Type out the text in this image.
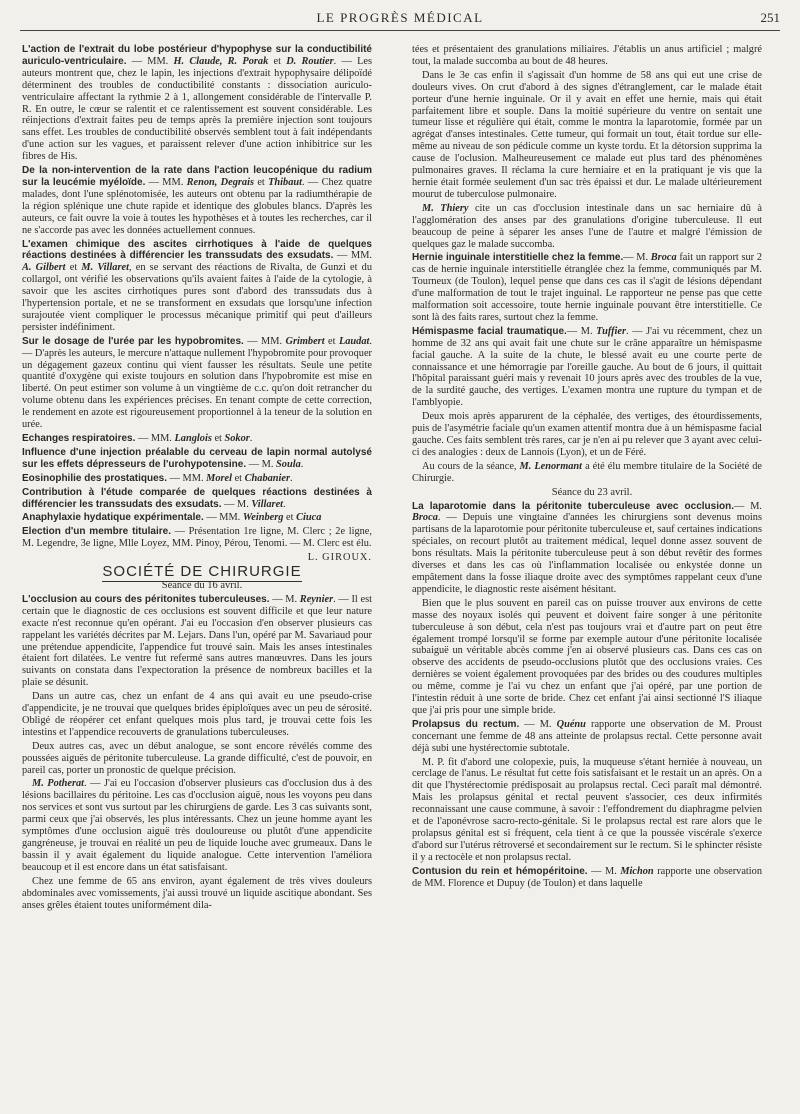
LE PROGRÈS MÉDICAL	251

L'action de l'extrait du lobe postérieur d'hypophyse sur la conductibilité auriculo-ventriculaire. — MM. H. Claude, R. Porak et D. Routier. — Les auteurs montrent que, chez le lapin, les injections d'extrait hypophysaire délipoïdé déterminent des troubles de conductibilité constants : dissociation auriculo-ventriculaire affectant la rythmie 2 à 1, allongement considérable de l'intervalle P. R. En outre, le cœur se ralentit et ce ralentissement est souvent considérable. Les réinjections d'extrait faites peu de temps après la première injection sont toujours sans effet. Les troubles de conductibilité observés semblent tout à fait indépendants d'une action sur les vagues, et paraissent relever d'une action inhibitrice sur les fibres de His.

De la non-intervention de la rate dans l'action leucopénique du radium sur la leucémie myéloïde. — MM. Renon, Degrais et Thibaut. — Chez quatre malades, dont l'une splénotomisée, les auteurs ont obtenu par la radiumthérapie de la région splénique une chute rapide et identique des globules blancs. D'après les auteurs, ce fait ouvre la voie à toutes les hypothèses et à toutes les recherches, car il ne s'accorde pas avec les données actuellement connues.

L'examen chimique des ascites cirrhotiques à l'aide de quelques réactions destinées à différencier les transsudats des exsudats. — MM. A. Gilbert et M. Villaret, en se servant des réactions de Rivalta, de Gunzi et du collargol, ont vérifié les observations qu'ils avaient faites à l'aide de la cytologie, à savoir que les ascites cirrhotiques pures sont d'abord des transsudats dus à l'hypertension portale, et ne se transforment en exsudats que lorsqu'une infection surajoutée vient compliquer le processus mécanique primitif qui peut d'ailleurs persister indéfiniment.

Sur le dosage de l'urée par les hypobromites. — MM. Grimbert et Laudat. — D'après les auteurs, le mercure n'attaque nullement l'hypobromite pour provoquer un dégagement gazeux continu qui vient fausser les résultats. Seule une petite quantité d'oxygène qui existe toujours en solution dans l'hypobromite est mise en liberté. On peut estimer son volume à un vingtième de c.c. qu'on doit retrancher du volume obtenu dans les expériences précises. En tenant compte de cette correction, le rendement en azote est rigoureusement proportionnel à la teneur de la solution en urée.

Echanges respiratoires. — MM. Langlois et Sokor.

Influence d'une injection préalable du cerveau de lapin normal autolysé sur les effets dépresseurs de l'urohypotensine. — M. Soula.

Eosinophilie des prostatiques. — MM. Morel et Chabanier.

Contribution à l'étude comparée de quelques réactions destinées à différencier les transsudats des exsudats. — M. Villaret.

Anaphylaxie hydatique expérimentale. — MM. Weinberg et Ciuca

Election d'un membre titulaire. — Présentation 1re ligne, M. Clerc ; 2e ligne, M. Legendre, 3e ligne, Mlle Loyez, MM. Pinoy, Pérou, Tenomi. — M. Clerc est élu.

L. GIROUX.

SOCIÉTÉ DE CHIRURGIE

Séance du 16 avril.

L'occlusion au cours des péritonites tuberculeuses. — M. Reynier. — Il est certain que le diagnostic de ces occlusions est souvent difficile et que leur nature exacte n'est reconnue qu'en opérant. J'ai eu l'occasion d'en observer plusieurs cas rappelant les variétés décrites par M. Lejars. Dans l'un, opéré par M. Savariaud pour une prétendue appendicite, l'appendice fut trouvé sain. Mais les anses intestinales étaient fort dilatées. Le ventre fut refermé sans autres manœuvres. Dans les jours suivants on constata dans l'expectoration la présence de nombreux bacilles et la plaie se désunit.

Dans un autre cas, chez un enfant de 4 ans qui avait eu une pseudo-crise d'appendicite, je ne trouvai que quelques brides épiploïques avec un peu de sérosité. Obligé de réopérer cet enfant quelques mois plus tard, je trouvai cette fois les intestins et l'appendice recouverts de granulations tuberculeuses.

Deux autres cas, avec un début analogue, se sont encore révélés comme des poussées aiguës de péritonite tuberculeuse. La grande difficulté, c'est de pouvoir, en pareil cas, porter un pronostic de quelque précision.

M. Potherat. — J'ai eu l'occasion d'observer plusieurs cas d'occlusion dus à des lésions bacillaires du péritoine. Les cas d'occlusion aiguë, nous les voyons peu dans nos services et sont vus surtout par les chirurgiens de garde. Les 3 cas suivants sont, parmi ceux que j'ai observés, les plus intéressants. Chez un jeune homme ayant les symptômes d'une occlusion aiguë très douloureuse ou plutôt d'une appendicite gangréneuse, je trouvai en réalité un peu de liquide louche avec grumeaux. Dans le bassin il y avait également du liquide analogue. Cette intervention l'améliora beaucoup et il est encore dans un état satisfaisant.

Chez une femme de 65 ans environ, ayant également de très vives douleurs abdominales avec vomissements, j'ai aussi trouvé un liquide ascitique abondant. Ses anses grêles étaient toutes uniformément dila-

tées et présentaient des granulations miliaires. J'établis un anus artificiel ; malgré tout, la malade succomba au bout de 48 heures.

Dans le 3e cas enfin il s'agissait d'un homme de 58 ans qui eut une crise de douleurs vives. On crut d'abord à des signes d'étranglement, car le malade était porteur d'une hernie inguinale. Or il y avait en effet une hernie, mais qui était parfaitement libre et souple. Dans la moitié supérieure du ventre on sentait une tumeur lisse et régulière qui était, comme le montra la laparotomie, formée par un agrégat d'anses intestinales. Cette tumeur, qui formait un tout, était tordue sur elle-même au niveau de son pédicule comme un kyste tordu. Et la détorsion supprima la cause de l'oclusion. Malheureusement ce malade eut plus tard des phénomènes pulmonaires graves. Il réclama la cure herniaire et en la pratiquant je vis que la hernie était formée seulement d'un sac très épaissi et dur. Le malade ultérieurement mourut de tuberculose pulmonaire.

M. Thiery cite un cas d'occlusion intestinale dans un sac herniaire dû à l'agglomération des anses par des granulations d'origine tuberculeuse. Il eut beaucoup de peine à séparer les anses l'une de l'autre et malgré l'émission de quelques gaz le malade succomba.

Hernie inguinale interstitielle chez la femme.— M. Broca fait un rapport sur 2 cas de hernie inguinale interstitielle étranglée chez la femme, communiqués par M. Tourneux (de Toulon), lequel pense que dans ces cas il s'agit de lésions dépendant d'une malformation de tout le trajet inguinal. Le rapporteur ne pense pas que cette malformation soit accessoire, toute hernie inguinale pouvant être interstitielle. Ce sont là des faits rares, surtout chez la femme.

Hémispasme facial traumatique.— M. Tuffier. — J'ai vu récemment, chez un homme de 32 ans qui avait fait une chute sur le crâne apparaître un hémispasme facial gauche. A la suite de la chute, le blessé avait eu une courte perte de connaissance et une hémorragie par l'oreille gauche. Au bout de 6 jours, il quittait l'hôpital paraissant guéri mais y revenait 10 jours après avec des troubles de la vue, de la surdité gauche, des vertiges. L'examen montra une rupture du tympan et de l'amblyopie.

Deux mois après apparurent de la céphalée, des vertiges, des étourdissements, puis de l'asymétrie faciale qu'un examen attentif montra due à un hémispasme facial gauche. Ces faits semblent très rares, car je n'en ai pu relever que 3 ayant avec celui-ci des analogies : deux de Lannois (Lyon), et un de Féré.

Au cours de la séance, M. Lenormant a été élu membre titulaire de la Société de Chirurgie.

Séance du 23 avril.

La laparotomie dans la péritonite tuberculeuse avec occlusion.— M. Broca. — Depuis une vingtaine d'années les chirurgiens sont devenus moins partisans de la laparotomie pour péritonite tuberculeuse et, sauf certaines indications spéciales, on recourt plutôt au traitement médical, lequel donne assez souvent de bons résultats. Mais la péritonite tuberculeuse peut à son début revêtir des formes diverses et dans les cas où l'inflammation localisée ou enkystée donne un empâtement dans la fosse iliaque droite avec des symptômes rappelant ceux d'une appendicite, le diagnostic reste aisément hésitant.

Bien que le plus souvent en pareil cas on puisse trouver aux environs de cette masse des noyaux isolés qui peuvent et doivent faire songer à une péritonite tuberculeuse à son début, cela n'est pas toujours vrai et d'autre part on peut être également trompé lorsqu'il se forme par exemple autour d'une péritonite localisée subaiguë un véritable abcès comme j'en ai observé plusieurs cas. Dans ces cas on observe des accidents de pseudo-occlusions plutôt que des occlusions vraies. Ces dernières se voient également provoquées par des brides ou des coudures multiples ou même, comme je l'ai vu chez un enfant que j'ai opéré, par une portion de l'intestin réduit à une sorte de bride. Chez cet enfant j'ai ainsi sectionné l'S iliaque que j'ai pris pour une simple bride.

Prolapsus du rectum. — M. Quénu rapporte une observation de M. Proust concernant une femme de 48 ans atteinte de prolapsus rectal. Cette personne avait déjà subi une hystérectomie subtotale.

M. P. fit d'abord une colopexie, puis, la muqueuse s'étant herniée à nouveau, un cerclage de l'anus. Le résultat fut cette fois satisfaisant et le restait un an après. On a dit que l'hystérectomie prédisposait au prolapsus rectal. Ceci paraît mal démontré. Mais les prolapsus génital et rectal peuvent s'associer, ces deux infirmités reconnaissant une cause commune, à savoir : l'effondrement du diaphragme pelvien et de l'aponévrose sacro-recto-génitale. Si le prolapsus rectal est rare alors que le prolapsus génital est si fréquent, cela tient à ce que la poussée viscérale s'exerce d'abord sur l'utérus rétroversé et secondairement sur le rectum. Si le sphincter résiste il y a rectocèle et non prolapsus rectal.

Contusion du rein et hémopéritoine. — M. Michon rapporte une observation de MM. Florence et Dupuy (de Toulon) et dans laquelle
